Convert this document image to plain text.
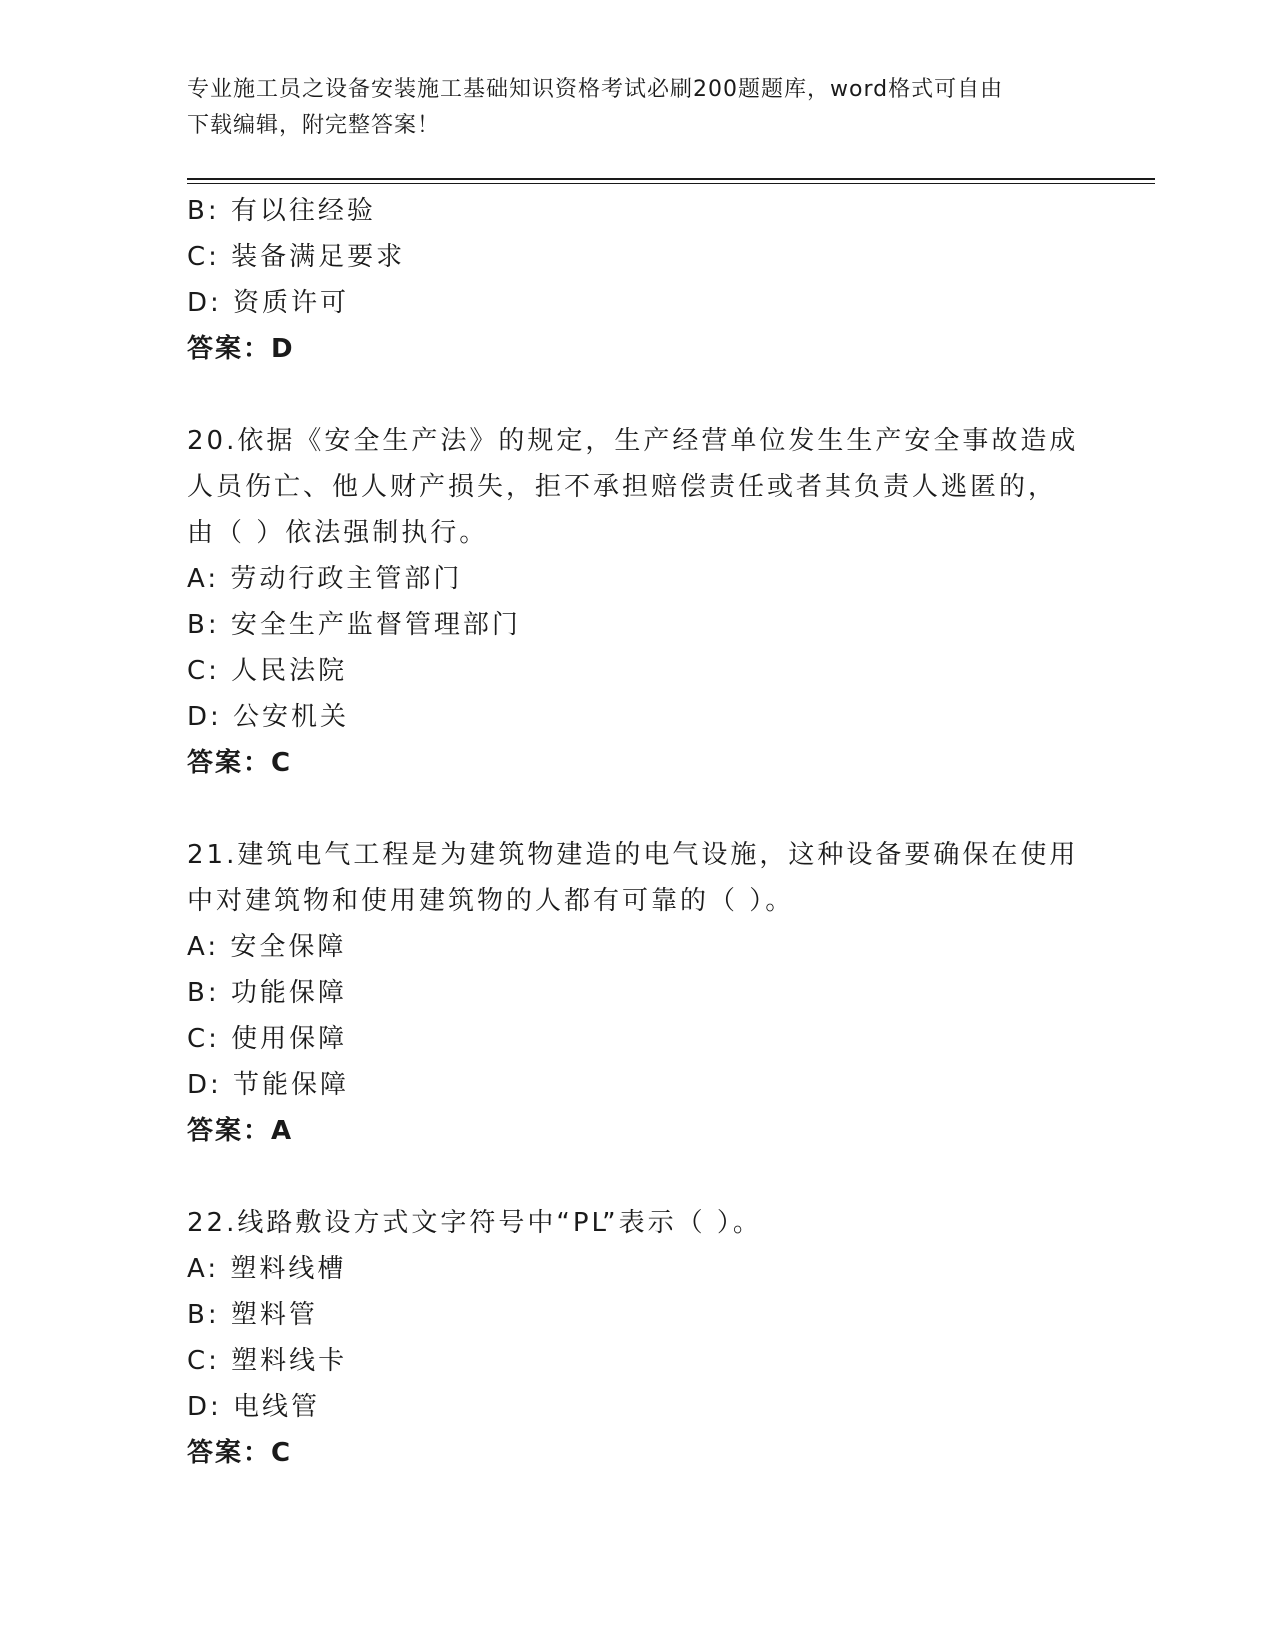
专业施工员之设备安装施工基础知识资格考试必刷200题题库，word格式可自由
下载编辑，附完整答案！
B: 有以往经验
C: 装备满足要求
D: 资质许可
答案：D
20.依据《安全生产法》的规定，生产经营单位发生生产安全事故造成
人员伤亡、他人财产损失，拒不承担赔偿责任或者其负责人逃匿的，
由（ ）依法强制执行。
A: 劳动行政主管部门
B: 安全生产监督管理部门
C: 人民法院
D: 公安机关
答案：C
21.建筑电气工程是为建筑物建造的电气设施，这种设备要确保在使用
中对建筑物和使用建筑物的人都有可靠的（ ）。
A: 安全保障
B: 功能保障
C: 使用保障
D: 节能保障
答案：A
22.线路敷设方式文字符号中“PL”表示（ ）。
A: 塑料线槽
B: 塑料管
C: 塑料线卡
D: 电线管
答案：C
